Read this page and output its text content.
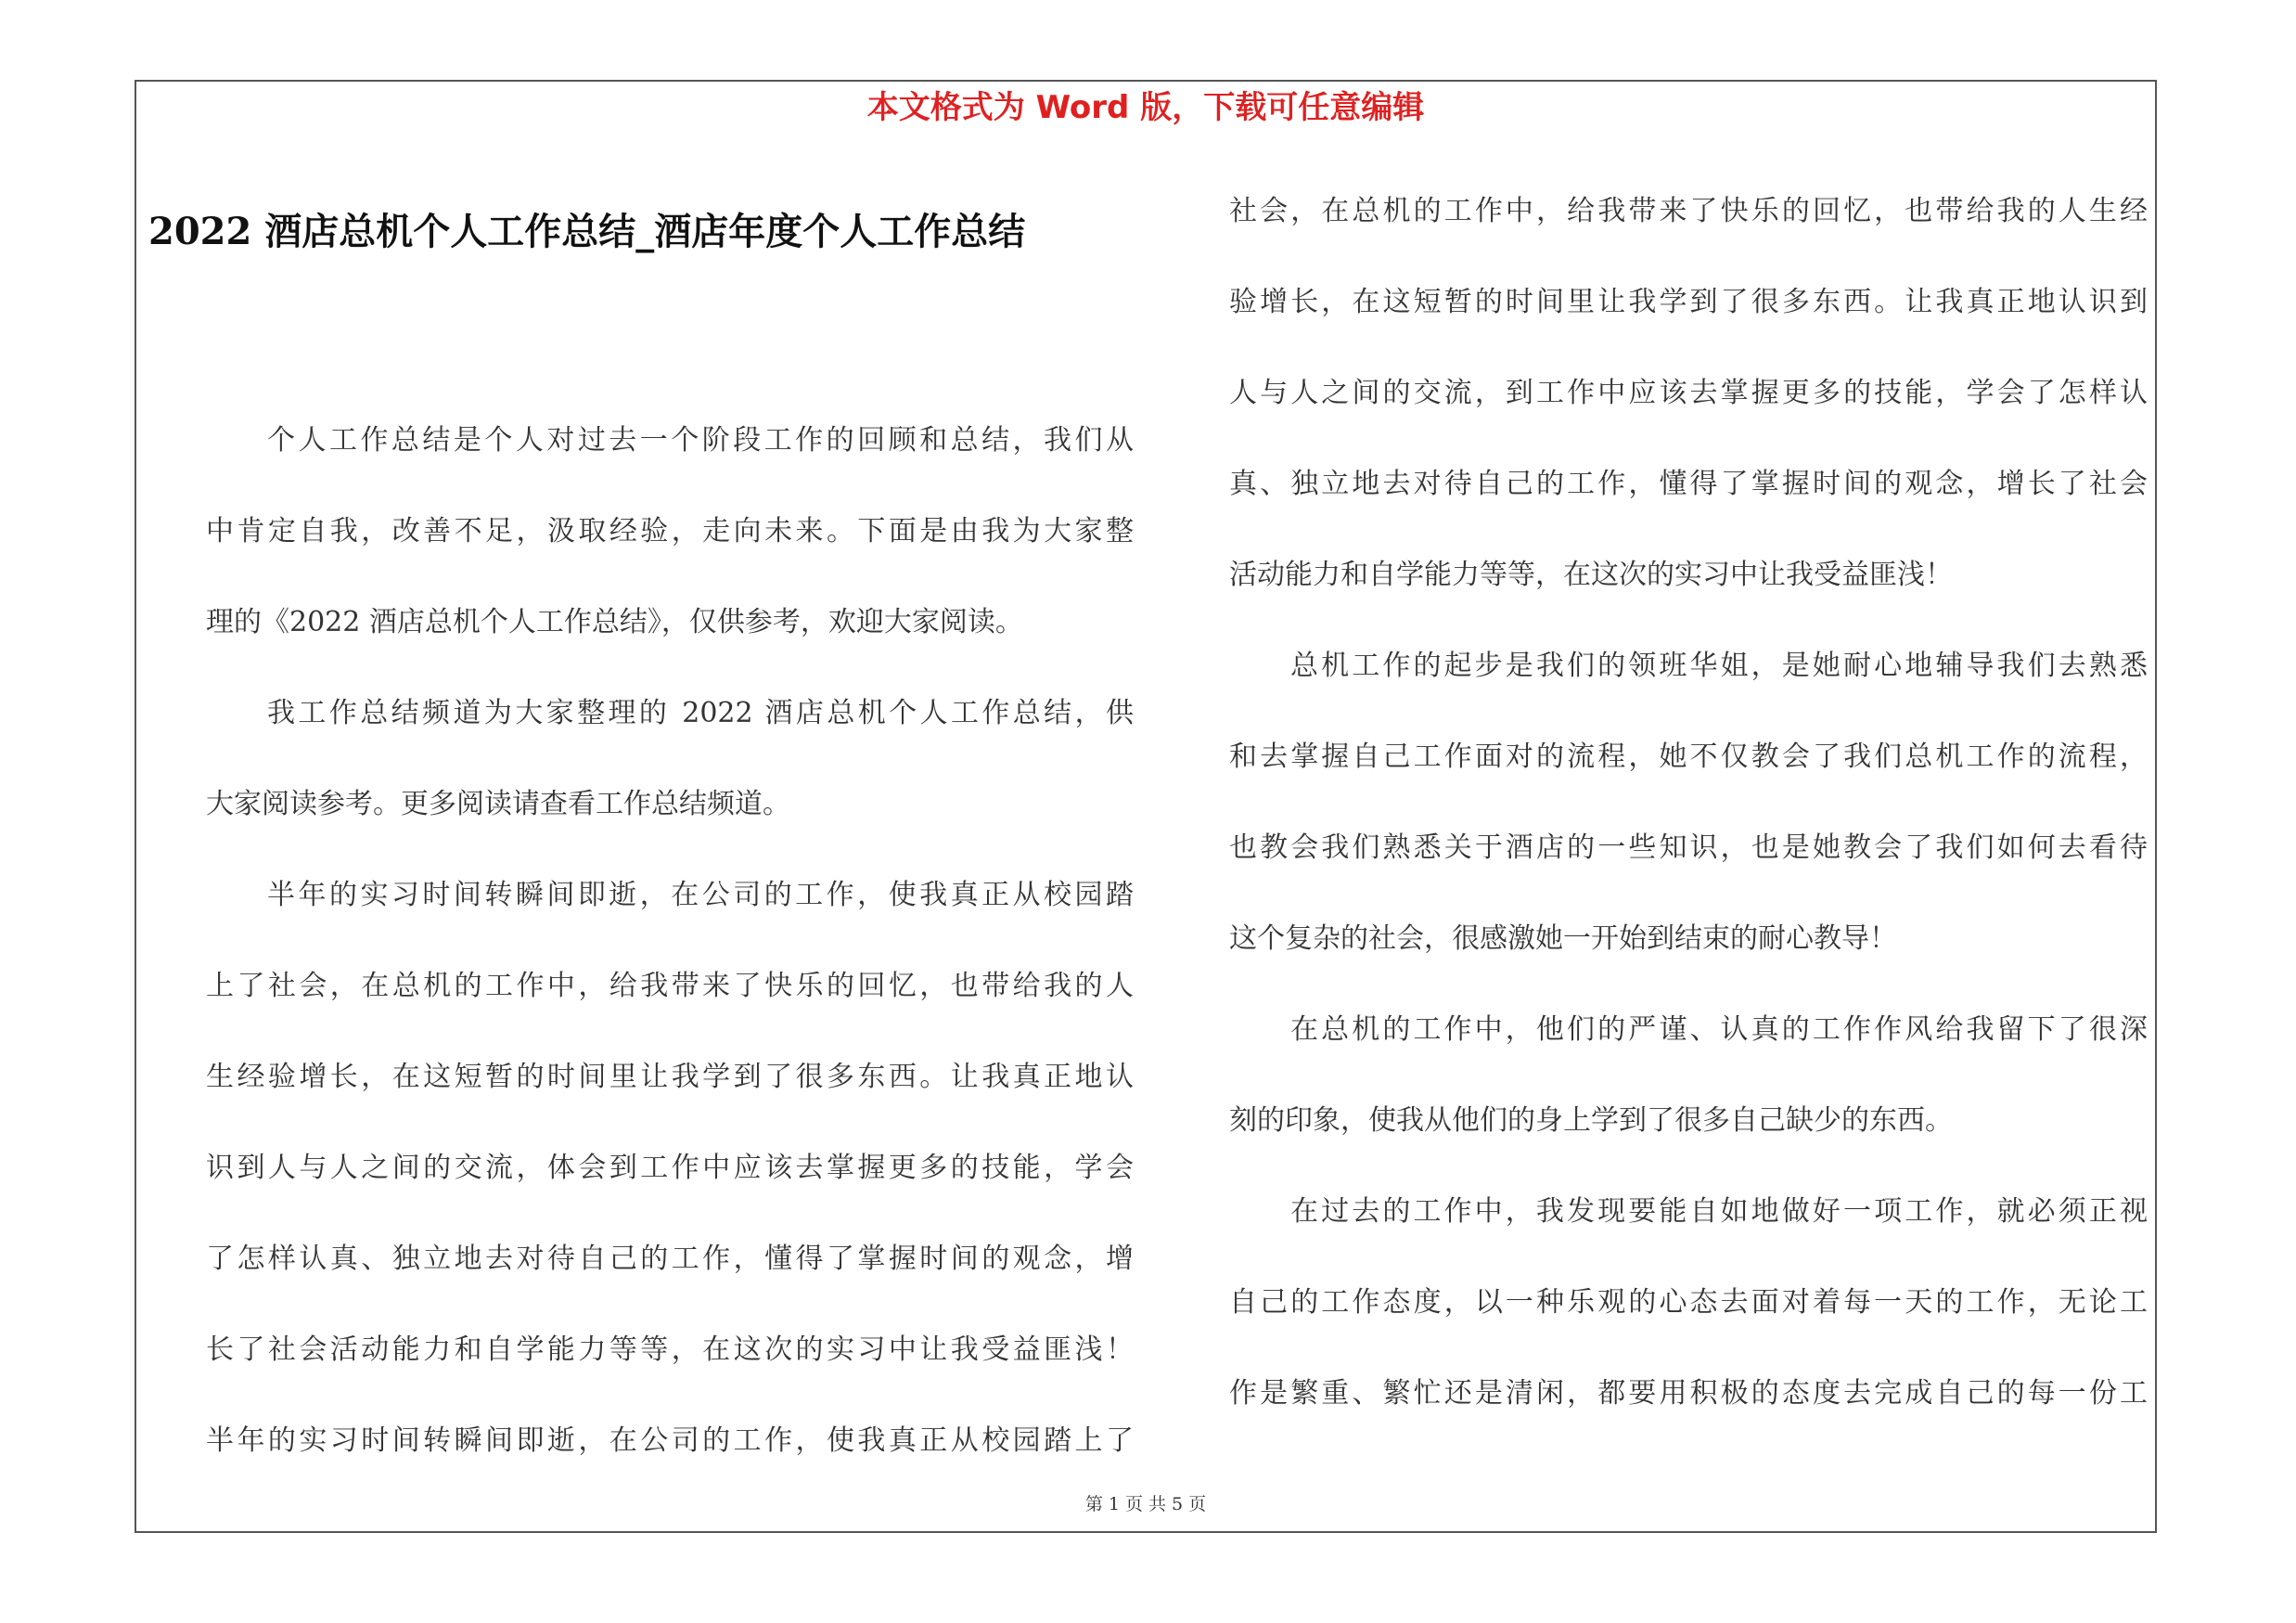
本文格式为 Word 版，下载可任意编辑
2022 酒店总机个人工作总结_酒店年度个人工作总结
个人工作总结是个人对过去一个阶段工作的回顾和总结，我们从
中肯定自我，改善不足，汲取经验，走向未来。下面是由我为大家整
理的《2022 酒店总机个人工作总结》，仅供参考，欢迎大家阅读。
我工作总结频道为大家整理的 2022 酒店总机个人工作总结，供
大家阅读参考。更多阅读请查看工作总结频道。
半年的实习时间转瞬间即逝，在公司的工作，使我真正从校园踏
上了社会，在总机的工作中，给我带来了快乐的回忆，也带给我的人
生经验增长，在这短暂的时间里让我学到了很多东西。让我真正地认
识到人与人之间的交流，体会到工作中应该去掌握更多的技能，学会
了怎样认真、独立地去对待自己的工作，懂得了掌握时间的观念，增
长了社会活动能力和自学能力等等，在这次的实习中让我受益匪浅！
半年的实习时间转瞬间即逝，在公司的工作，使我真正从校园踏上了
社会，在总机的工作中，给我带来了快乐的回忆，也带给我的人生经
验增长，在这短暂的时间里让我学到了很多东西。让我真正地认识到
人与人之间的交流，到工作中应该去掌握更多的技能，学会了怎样认
真、独立地去对待自己的工作，懂得了掌握时间的观念，增长了社会
活动能力和自学能力等等，在这次的实习中让我受益匪浅！
总机工作的起步是我们的领班华姐，是她耐心地辅导我们去熟悉
和去掌握自己工作面对的流程，她不仅教会了我们总机工作的流程，
也教会我们熟悉关于酒店的一些知识，也是她教会了我们如何去看待
这个复杂的社会，很感激她一开始到结束的耐心教导！
在总机的工作中，他们的严谨、认真的工作作风给我留下了很深
刻的印象，使我从他们的身上学到了很多自己缺少的东西。
在过去的工作中，我发现要能自如地做好一项工作，就必须正视
自己的工作态度，以一种乐观的心态去面对着每一天的工作，无论工
作是繁重、繁忙还是清闲，都要用积极的态度去完成自己的每一份工
第 1 页 共 5 页
